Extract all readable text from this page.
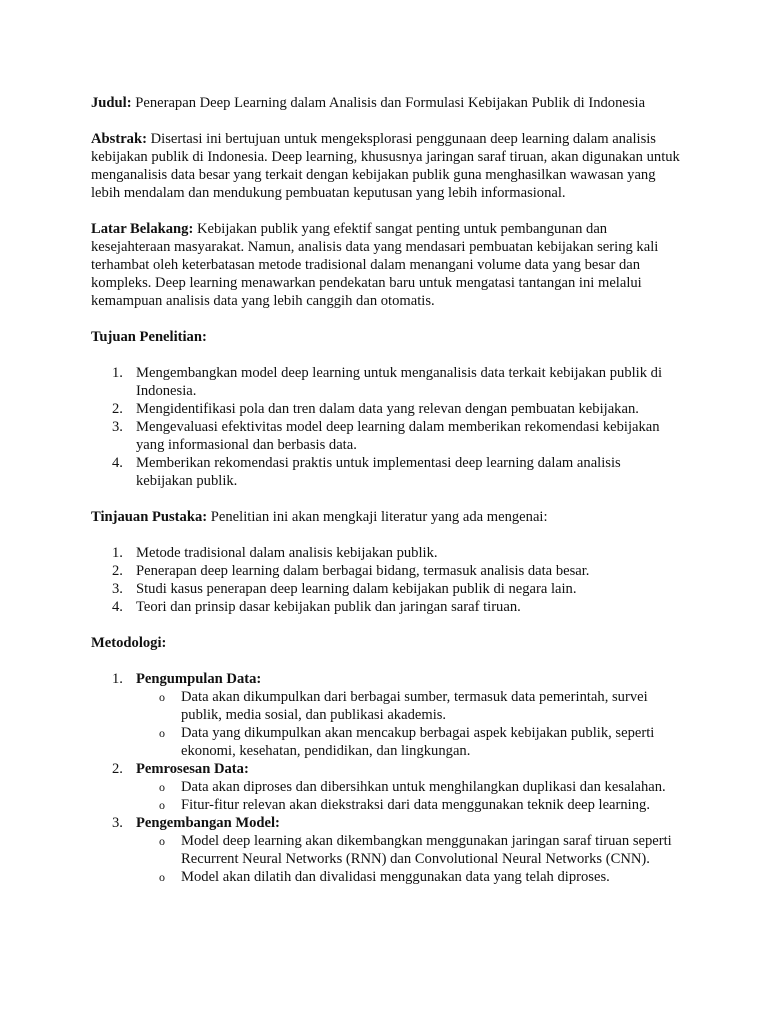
Judul: Penerapan Deep Learning dalam Analisis dan Formulasi Kebijakan Publik di Indonesia

Abstrak: Disertasi ini bertujuan untuk mengeksplorasi penggunaan deep learning dalam analisis kebijakan publik di Indonesia. Deep learning, khususnya jaringan saraf tiruan, akan digunakan untuk menganalisis data besar yang terkait dengan kebijakan publik guna menghasilkan wawasan yang lebih mendalam dan mendukung pembuatan keputusan yang lebih informasional.

Latar Belakang: Kebijakan publik yang efektif sangat penting untuk pembangunan dan kesejahteraan masyarakat. Namun, analisis data yang mendasari pembuatan kebijakan sering kali terhambat oleh keterbatasan metode tradisional dalam menangani volume data yang besar dan kompleks. Deep learning menawarkan pendekatan baru untuk mengatasi tantangan ini melalui kemampuan analisis data yang lebih canggih dan otomatis.

Tujuan Penelitian:

1. Mengembangkan model deep learning untuk menganalisis data terkait kebijakan publik di Indonesia.
2. Mengidentifikasi pola dan tren dalam data yang relevan dengan pembuatan kebijakan.
3. Mengevaluasi efektivitas model deep learning dalam memberikan rekomendasi kebijakan yang informasional dan berbasis data.
4. Memberikan rekomendasi praktis untuk implementasi deep learning dalam analisis kebijakan publik.

Tinjauan Pustaka: Penelitian ini akan mengkaji literatur yang ada mengenai:

1. Metode tradisional dalam analisis kebijakan publik.
2. Penerapan deep learning dalam berbagai bidang, termasuk analisis data besar.
3. Studi kasus penerapan deep learning dalam kebijakan publik di negara lain.
4. Teori dan prinsip dasar kebijakan publik dan jaringan saraf tiruan.

Metodologi:

1. Pengumpulan Data:
o Data akan dikumpulkan dari berbagai sumber, termasuk data pemerintah, survei publik, media sosial, dan publikasi akademis.
o Data yang dikumpulkan akan mencakup berbagai aspek kebijakan publik, seperti ekonomi, kesehatan, pendidikan, dan lingkungan.
2. Pemrosesan Data:
o Data akan diproses dan dibersihkan untuk menghilangkan duplikasi dan kesalahan.
o Fitur-fitur relevan akan diekstraksi dari data menggunakan teknik deep learning.
3. Pengembangan Model:
o Model deep learning akan dikembangkan menggunakan jaringan saraf tiruan seperti Recurrent Neural Networks (RNN) dan Convolutional Neural Networks (CNN).
o Model akan dilatih dan divalidasi menggunakan data yang telah diproses.
